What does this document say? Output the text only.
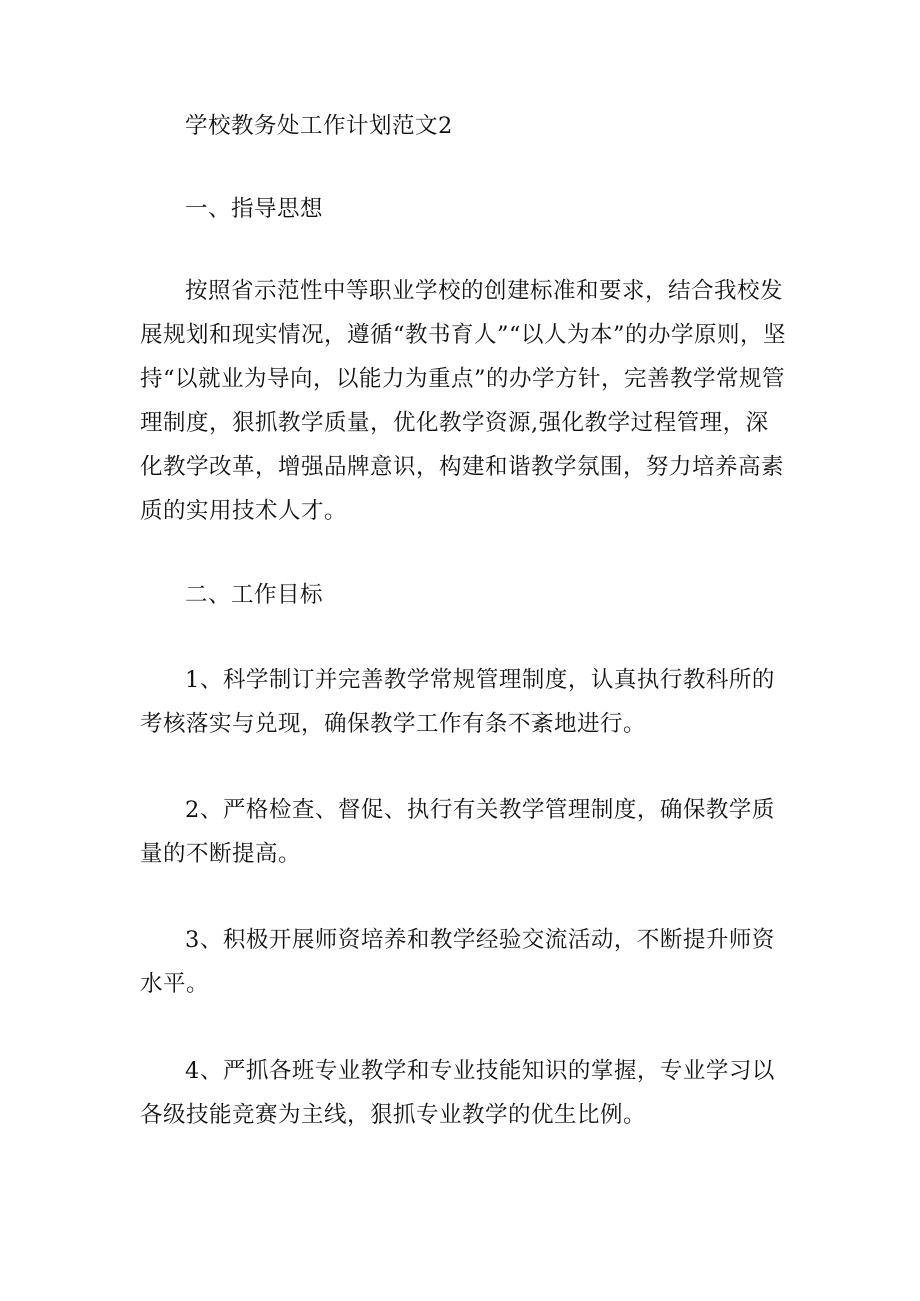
学校教务处工作计划范文2

一、指导思想

按照省示范性中等职业学校的创建标准和要求，结合我校发展规划和现实情况，遵循“教书育人”“以人为本”的办学原则，坚持“以就业为导向，以能力为重点”的办学方针，完善教学常规管理制度，狠抓教学质量，优化教学资源,强化教学过程管理，深化教学改革，增强品牌意识，构建和谐教学氛围，努力培养高素质的实用技术人才。

二、工作目标

1、科学制订并完善教学常规管理制度，认真执行教科所的考核落实与兑现，确保教学工作有条不紊地进行。

2、严格检查、督促、执行有关教学管理制度，确保教学质量的不断提高。

3、积极开展师资培养和教学经验交流活动，不断提升师资水平。

4、严抓各班专业教学和专业技能知识的掌握，专业学习以各级技能竞赛为主线，狠抓专业教学的优生比例。
